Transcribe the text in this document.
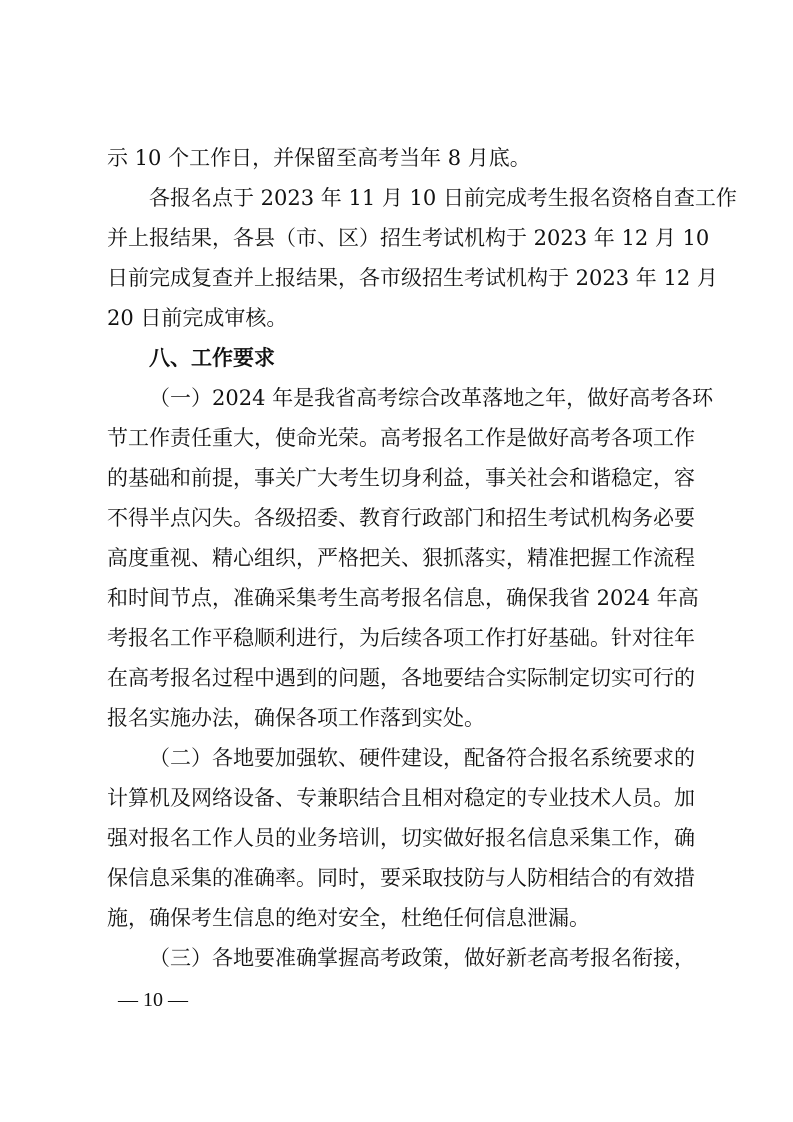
示 10 个工作日，并保留至高考当年 8 月底。
各报名点于 2023 年 11 月 10 日前完成考生报名资格自查工作
并上报结果，各县（市、区）招生考试机构于 2023 年 12 月 10
日前完成复查并上报结果，各市级招生考试机构于 2023 年 12 月
20 日前完成审核。
八、工作要求
（一）2024 年是我省高考综合改革落地之年，做好高考各环
节工作责任重大，使命光荣。高考报名工作是做好高考各项工作
的基础和前提，事关广大考生切身利益，事关社会和谐稳定，容
不得半点闪失。各级招委、教育行政部门和招生考试机构务必要
高度重视、精心组织，严格把关、狠抓落实，精准把握工作流程
和时间节点，准确采集考生高考报名信息，确保我省 2024 年高
考报名工作平稳顺利进行，为后续各项工作打好基础。针对往年
在高考报名过程中遇到的问题，各地要结合实际制定切实可行的
报名实施办法，确保各项工作落到实处。
（二）各地要加强软、硬件建设，配备符合报名系统要求的
计算机及网络设备、专兼职结合且相对稳定的专业技术人员。加
强对报名工作人员的业务培训，切实做好报名信息采集工作，确
保信息采集的准确率。同时，要采取技防与人防相结合的有效措
施，确保考生信息的绝对安全，杜绝任何信息泄漏。
（三）各地要准确掌握高考政策，做好新老高考报名衔接，
— 10 —
